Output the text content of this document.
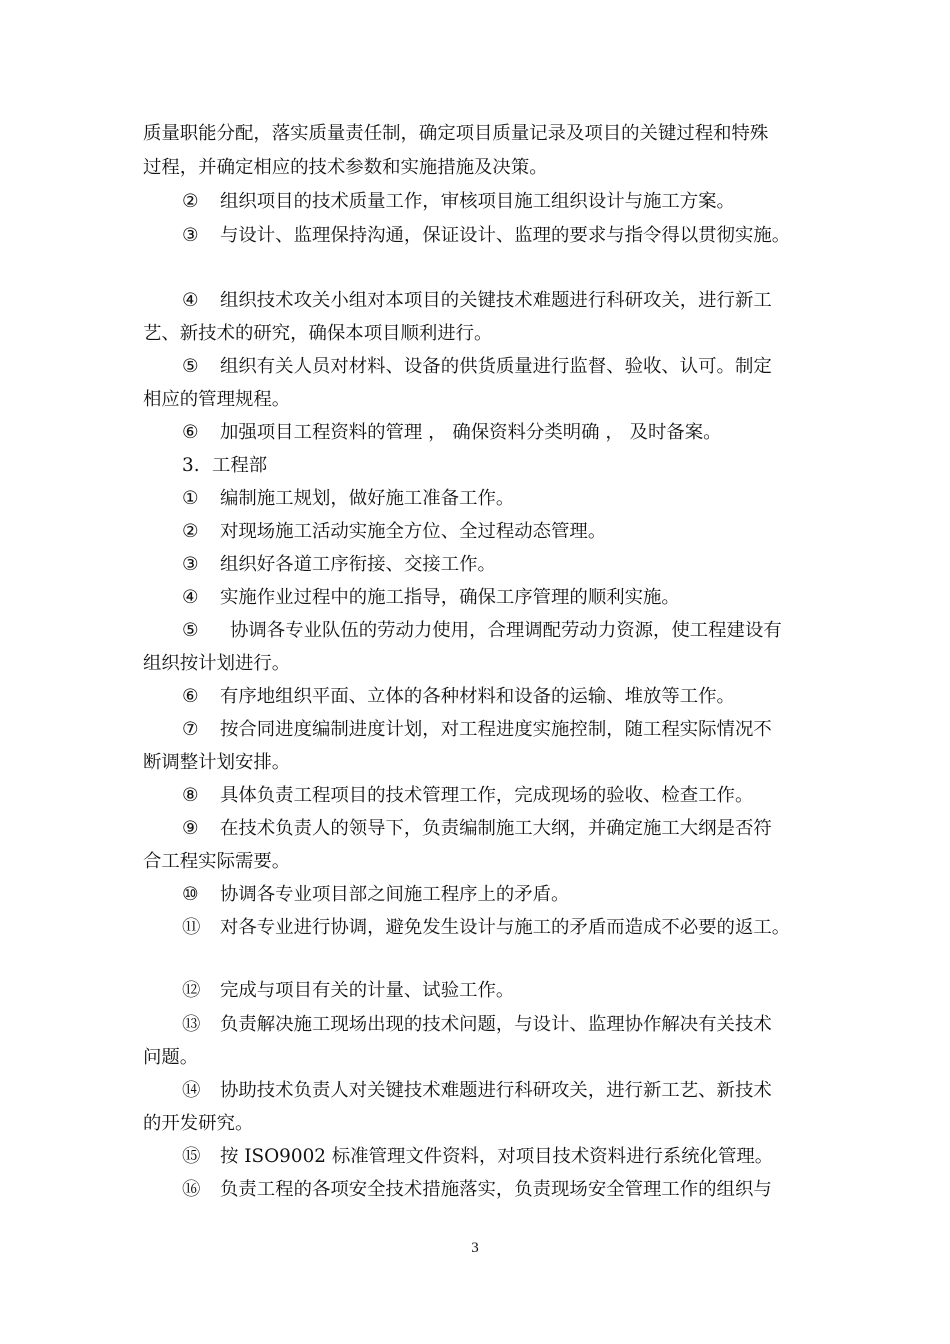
质量职能分配，落实质量责任制，确定项目质量记录及项目的关键过程和特殊
过程，并确定相应的技术参数和实施措施及决策。
② 组织项目的技术质量工作，审核项目施工组织设计与施工方案。
③ 与设计、监理保持沟通，保证设计、监理的要求与指令得以贯彻实施。
④ 组织技术攻关小组对本项目的关键技术难题进行科研攻关，进行新工
艺、新技术的研究，确保本项目顺利进行。
⑤ 组织有关人员对材料、设备的供货质量进行监督、验收、认可。制定
相应的管理规程。
⑥ 加强项目工程资料的管理 ， 确保资料分类明确 ， 及时备案。
3. 工程部
① 编制施工规划，做好施工准备工作。
② 对现场施工活动实施全方位、全过程动态管理。
③ 组织好各道工序衔接、交接工作。
④ 实施作业过程中的施工指导，确保工序管理的顺利实施。
⑤ 协调各专业队伍的劳动力使用，合理调配劳动力资源，使工程建设有
组织按计划进行。
⑥ 有序地组织平面、立体的各种材料和设备的运输、堆放等工作。
⑦ 按合同进度编制进度计划，对工程进度实施控制，随工程实际情况不
断调整计划安排。
⑧ 具体负责工程项目的技术管理工作，完成现场的验收、检查工作。
⑨ 在技术负责人的领导下，负责编制施工大纲，并确定施工大纲是否符
合工程实际需要。
⑩ 协调各专业项目部之间施工程序上的矛盾。
⑪ 对各专业进行协调，避免发生设计与施工的矛盾而造成不必要的返工。
⑫ 完成与项目有关的计量、试验工作。
⑬ 负责解决施工现场出现的技术问题，与设计、监理协作解决有关技术
问题。
⑭ 协助技术负责人对关键技术难题进行科研攻关，进行新工艺、新技术
的开发研究。
⑮ 按 ISO9002 标准管理文件资料，对项目技术资料进行系统化管理。
⑯ 负责工程的各项安全技术措施落实，负责现场安全管理工作的组织与
3
